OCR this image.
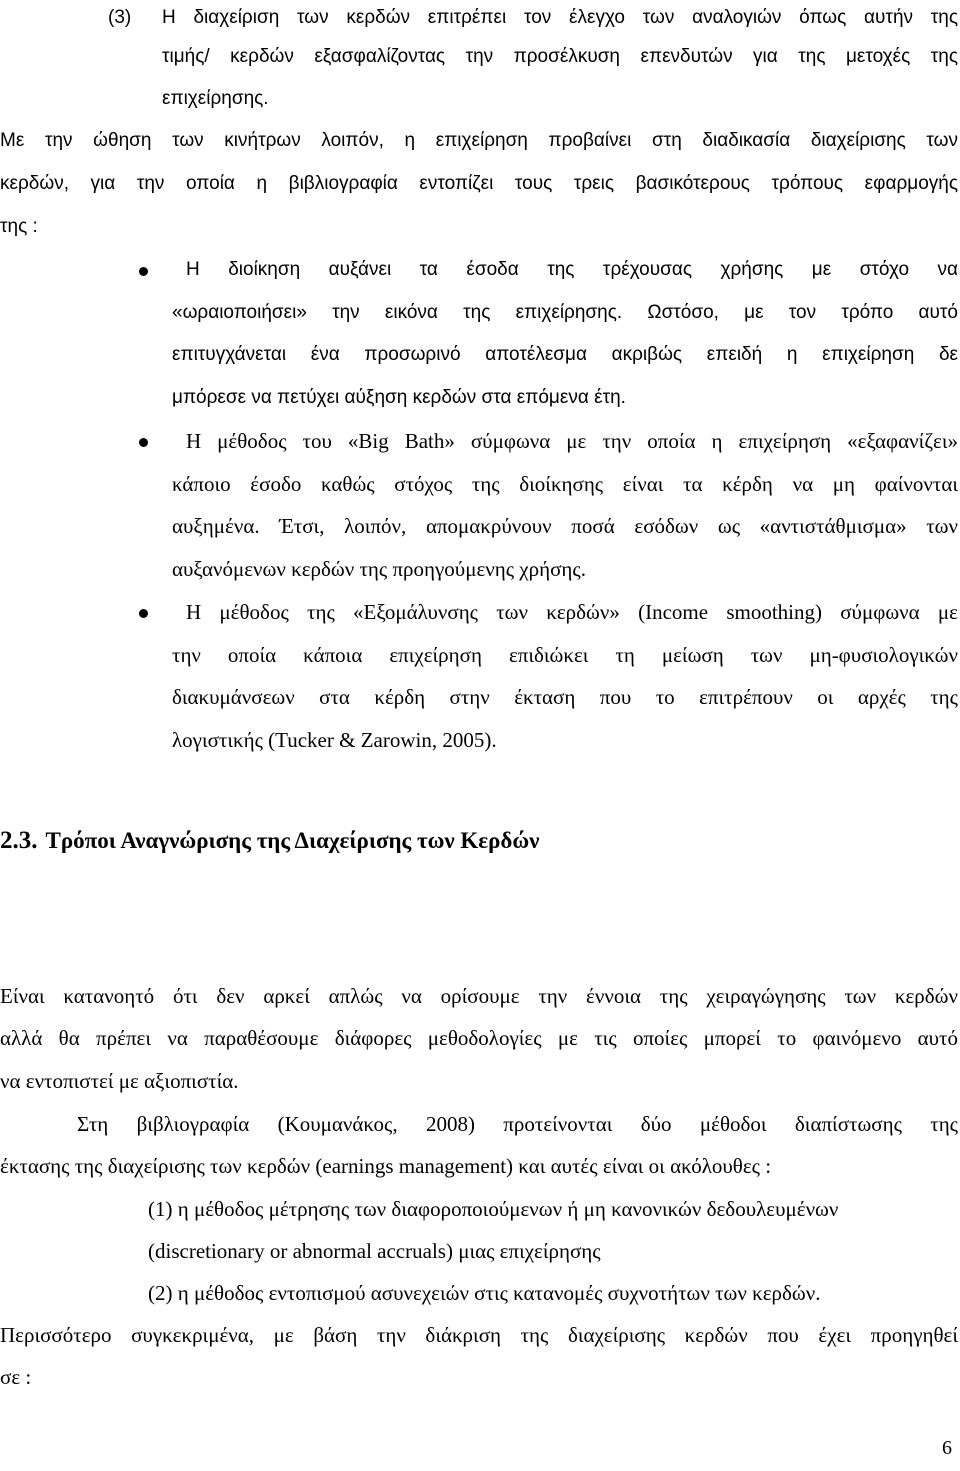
(3) Η διαχείριση των κερδών επιτρέπει τον έλεγχο των αναλογιών όπως αυτήν της
τιμής/ κερδών εξασφαλίζοντας την προσέλκυση επενδυτών για της μετοχές της
επιχείρησης.
Με την ώθηση των κινήτρων λοιπόν, η επιχείρηση προβαίνει στη διαδικασία διαχείρισης των
κερδών, για την οποία η βιβλιογραφία εντοπίζει τους τρεις βασικότερους τρόπους εφαρμογής
της :
Η διοίκηση αυξάνει τα έσοδα της τρέχουσας χρήσης με στόχο να
«ωραιοποιήσει» την εικόνα της επιχείρησης. Ωστόσο, με τον τρόπο αυτό
επιτυγχάνεται ένα προσωρινό αποτέλεσμα ακριβώς επειδή η επιχείρηση δε
μπόρεσε να πετύχει αύξηση κερδών στα επόμενα έτη.
Η μέθοδος του «Big Bath» σύμφωνα με την οποία η επιχείρηση «εξαφανίζει»
κάποιο έσοδο καθώς στόχος της διοίκησης είναι τα κέρδη να μη φαίνονται
αυξημένα. Έτσι, λοιπόν, απομακρύνουν ποσά εσόδων ως «αντιστάθμισμα» των
αυξανόμενων κερδών της προηγούμενης χρήσης.
Η μέθοδος της «Εξομάλυνσης των κερδών» (Income smoothing) σύμφωνα με
την οποία κάποια επιχείρηση επιδιώκει τη μείωση των μη-φυσιολογικών
διακυμάνσεων στα κέρδη στην έκταση που το επιτρέπουν οι αρχές της
λογιστικής (Tucker & Zarowin, 2005).
2.3. Τρόποι Αναγνώρισης της Διαχείρισης των Κερδών
Είναι κατανοητό ότι δεν αρκεί απλώς να ορίσουμε την έννοια της χειραγώγησης των κερδών
αλλά θα πρέπει να παραθέσουμε διάφορες μεθοδολογίες με τις οποίες μπορεί το φαινόμενο αυτό
να εντοπιστεί με αξιοπιστία.
Στη βιβλιογραφία (Κουμανάκος, 2008) προτείνονται δύο μέθοδοι διαπίστωσης της
έκτασης της διαχείρισης των κερδών (earnings management) και αυτές είναι οι ακόλουθες :
(1) η μέθοδος μέτρησης των διαφοροποιούμενων ή μη κανονικών δεδουλευμένων
(discretionary or abnormal accruals) μιας επιχείρησης
(2) η μέθοδος εντοπισμού ασυνεχειών στις κατανομές συχνοτήτων των κερδών.
Περισσότερο συγκεκριμένα, με βάση την διάκριση της διαχείρισης κερδών που έχει προηγηθεί
σε :
6
